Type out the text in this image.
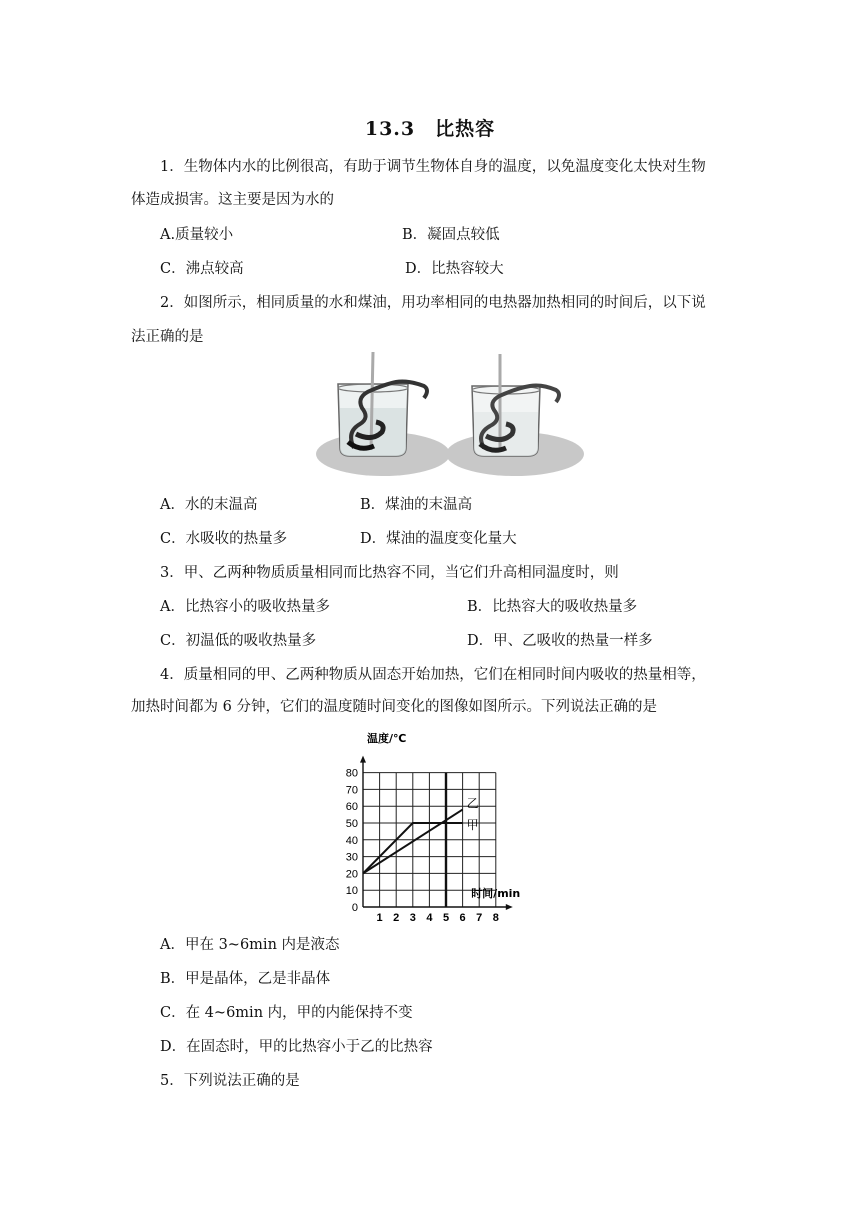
13.3　比热容
1．生物体内水的比例很高，有助于调节生物体自身的温度，以免温度变化太快对生物
体造成损害。这主要是因为水的
A.质量较小	B．凝固点较低
C．沸点较高	D．比热容较大
2．如图所示，相同质量的水和煤油，用功率相同的电热器加热相同的时间后，以下说
法正确的是
A．水的末温高	B．煤油的末温高
C．水吸收的热量多	D．煤油的温度变化量大
3．甲、乙两种物质质量相同而比热容不同，当它们升高相同温度时，则
A．比热容小的吸收热量多	B．比热容大的吸收热量多
C．初温低的吸收热量多	D．甲、乙吸收的热量一样多
4．质量相同的甲、乙两种物质从固态开始加热，它们在相同时间内吸收的热量相等，
加热时间都为 6 分钟，它们的温度随时间变化的图像如图所示。下列说法正确的是
0
10
20
30
40
50
60
70
80
1 2 3 4 5 6 7 8
温度/℃
时间/min
甲
乙
A．甲在 3~6min 内是液态
B．甲是晶体，乙是非晶体
C．在 4~6min 内，甲的内能保持不变
D．在固态时，甲的比热容小于乙的比热容
5．下列说法正确的是
